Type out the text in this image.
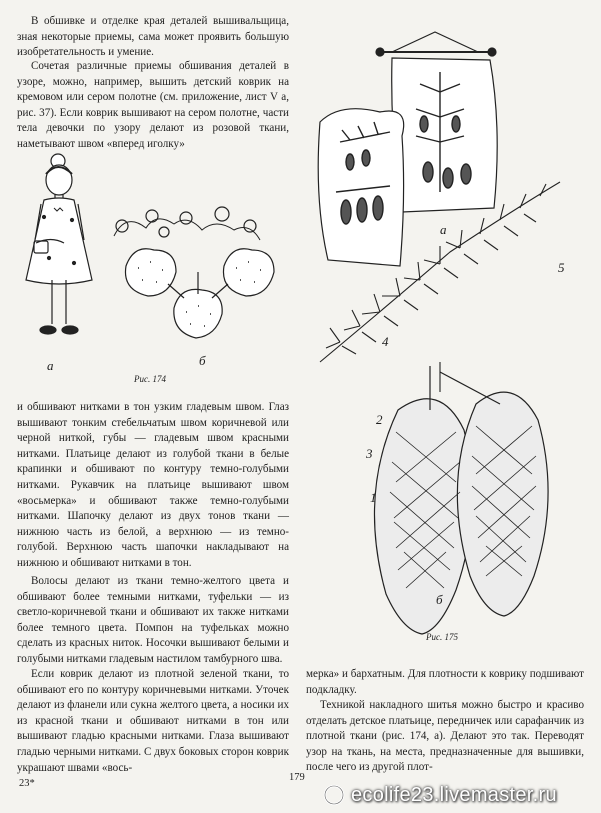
В обшивке и отделке края деталей вышивальщица, зная некоторые приемы, сама может проявить большую изобретательность и умение.

Сочетая различные приемы обшивания деталей в узоре, можно, например, вышить детский коврик на кремовом или сером полотне (см. приложение, лист V а, рис. 37). Если коврик вышивают на сером полотне, части тела девочки по узору делают из розовой ткани, наметывают швом «вперед иголку»

а	б
Рис. 174

и обшивают нитками в тон узким гладевым швом. Глаз вышивают тонким стебельчатым швом коричневой или черной ниткой, губы — гладевым швом красными нитками. Платьице делают из голубой ткани в белые крапинки и обшивают по контуру темно-голубыми нитками. Рукавчик на платьице вышивают швом «восьмерка» и обшивают также темно-голубыми нитками. Шапочку делают из двух тонов ткани — нижнюю часть из белой, а верхнюю — из темно-голубой. Верхнюю часть шапочки накладывают на нижнюю и обшивают нитками в тон.

Волосы делают из ткани темно-желтого цвета и обшивают более темными нитками, туфельки — из светло-коричневой ткани и обшивают их также нитками более темного цвета. Помпон на туфельках можно сделать из красных ниток. Носочки вышивают белыми и голубыми нитками гладевым настилом тамбурного шва.

Если коврик делают из плотной зеленой ткани, то обшивают его по контуру коричневыми нитками. Уточек делают из фланели или сукна желтого цвета, а носики их из красной ткани и обшивают нитками в тон или вышивают гладью красными нитками. Глаза вышивают гладью черными нитками. С двух боковых сторон коврик украшают швами «вось-

а
б
1
2
3
4
5
Рис. 175

мерка» и бархатным. Для плотности к коврику подшивают подкладку.

Техникой накладного шитья можно быстро и красиво отделать детское платьице, передничек или сарафанчик из плотной ткани (рис. 174, а). Делают это так. Переводят узор на ткань, на места, предназначенные для вышивки, после чего из другой плот-

23*
179
ecolife23.livemaster.ru
